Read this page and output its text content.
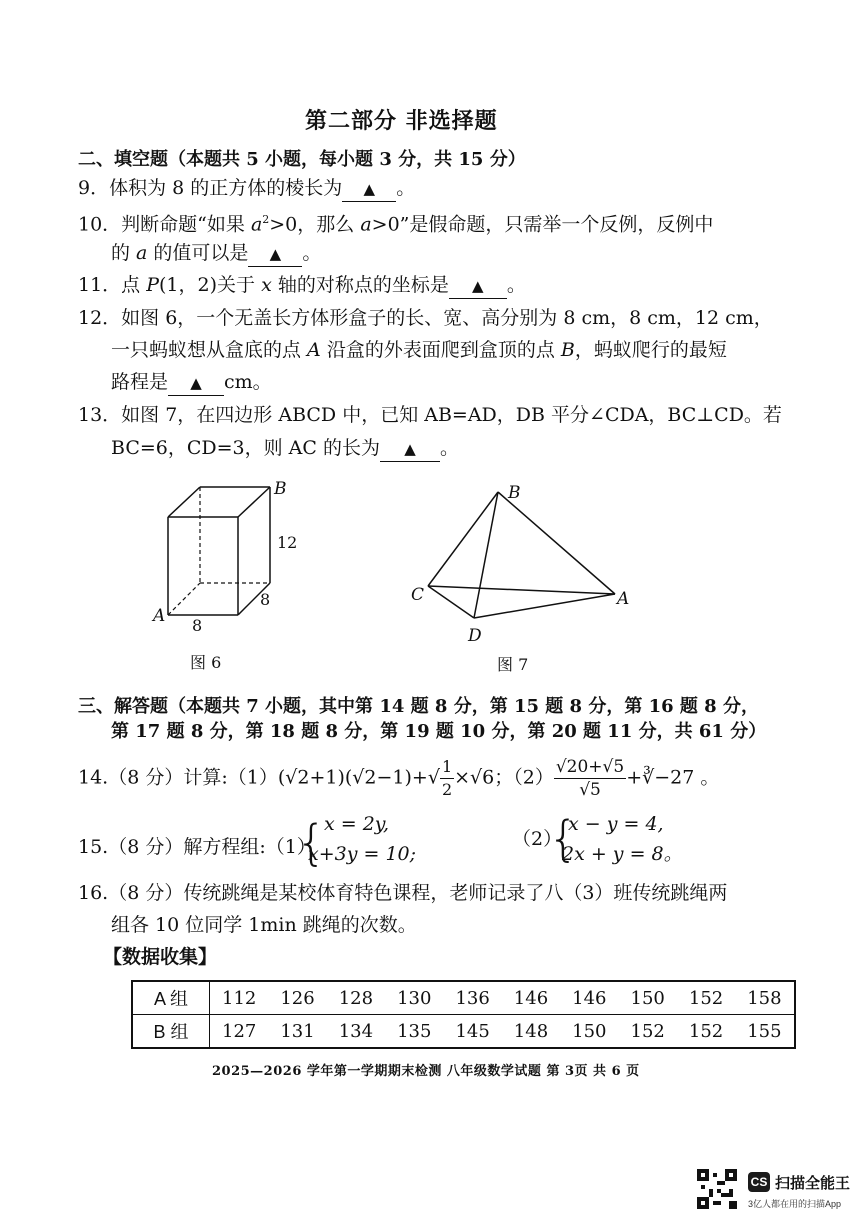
第二部分 非选择题
二、填空题（本题共 5 小题，每小题 3 分，共 15 分）
9．体积为 8 的正方体的棱长为 ▲ 。
10．判断命题“如果 $a^2>0$，那么 a>0”是假命题，只需举一个反例，反例中
的 a 的值可以是 ▲ 。
11．点 P(1，2)关于 x 轴的对称点的坐标是 ▲ 。
12．如图 6，一个无盖长方体形盒子的长、宽、高分别为 8 cm，8 cm，12 cm，
一只蚂蚁想从盒底的点 A 沿盒的外表面爬到盒顶的点 B，蚂蚁爬行的最短
路程是 ▲ cm。
13．如图 7，在四边形 ABCD 中，已知 AB=AD，DB 平分∠CDA，BC⊥CD。若
BC=6，CD=3，则 AC 的长为 ▲ 。
B
A
12
8
8
图 6
B
C	A
D
图 7
三、解答题（本题共 7 小题，其中第 14 题 8 分，第 15 题 8 分，第 16 题 8 分，
第 17 题 8 分，第 18 题 8 分，第 19 题 10 分，第 20 题 11 分，共 61 分）
14.（8 分）计算:（1）(√2+1)(√2−1)+√ $\frac{1}{2} \times√6$；$(2) \frac{√20+√5}{√5}$ +∛−27 。
15.（8 分）解方程组:（1）
{
x = 2y,
x+3y = 10;
（2）
{
x − y = 4,
2x + y = 8。
16.（8 分）传统跳绳是某校体育特色课程，老师记录了八（3）班传统跳绳两
组各 10 位同学 1min 跳绳的次数。
【数据收集】
A 组	112	126	128	130	136	146	146	150	152	158
B 组	127	131	134	135	145	148	150	152	152	155
2025—2026 学年第一学期期末检测 八年级数学试题 第 3页 共 6 页
CS 扫描全能王
3亿人都在用的扫描App
